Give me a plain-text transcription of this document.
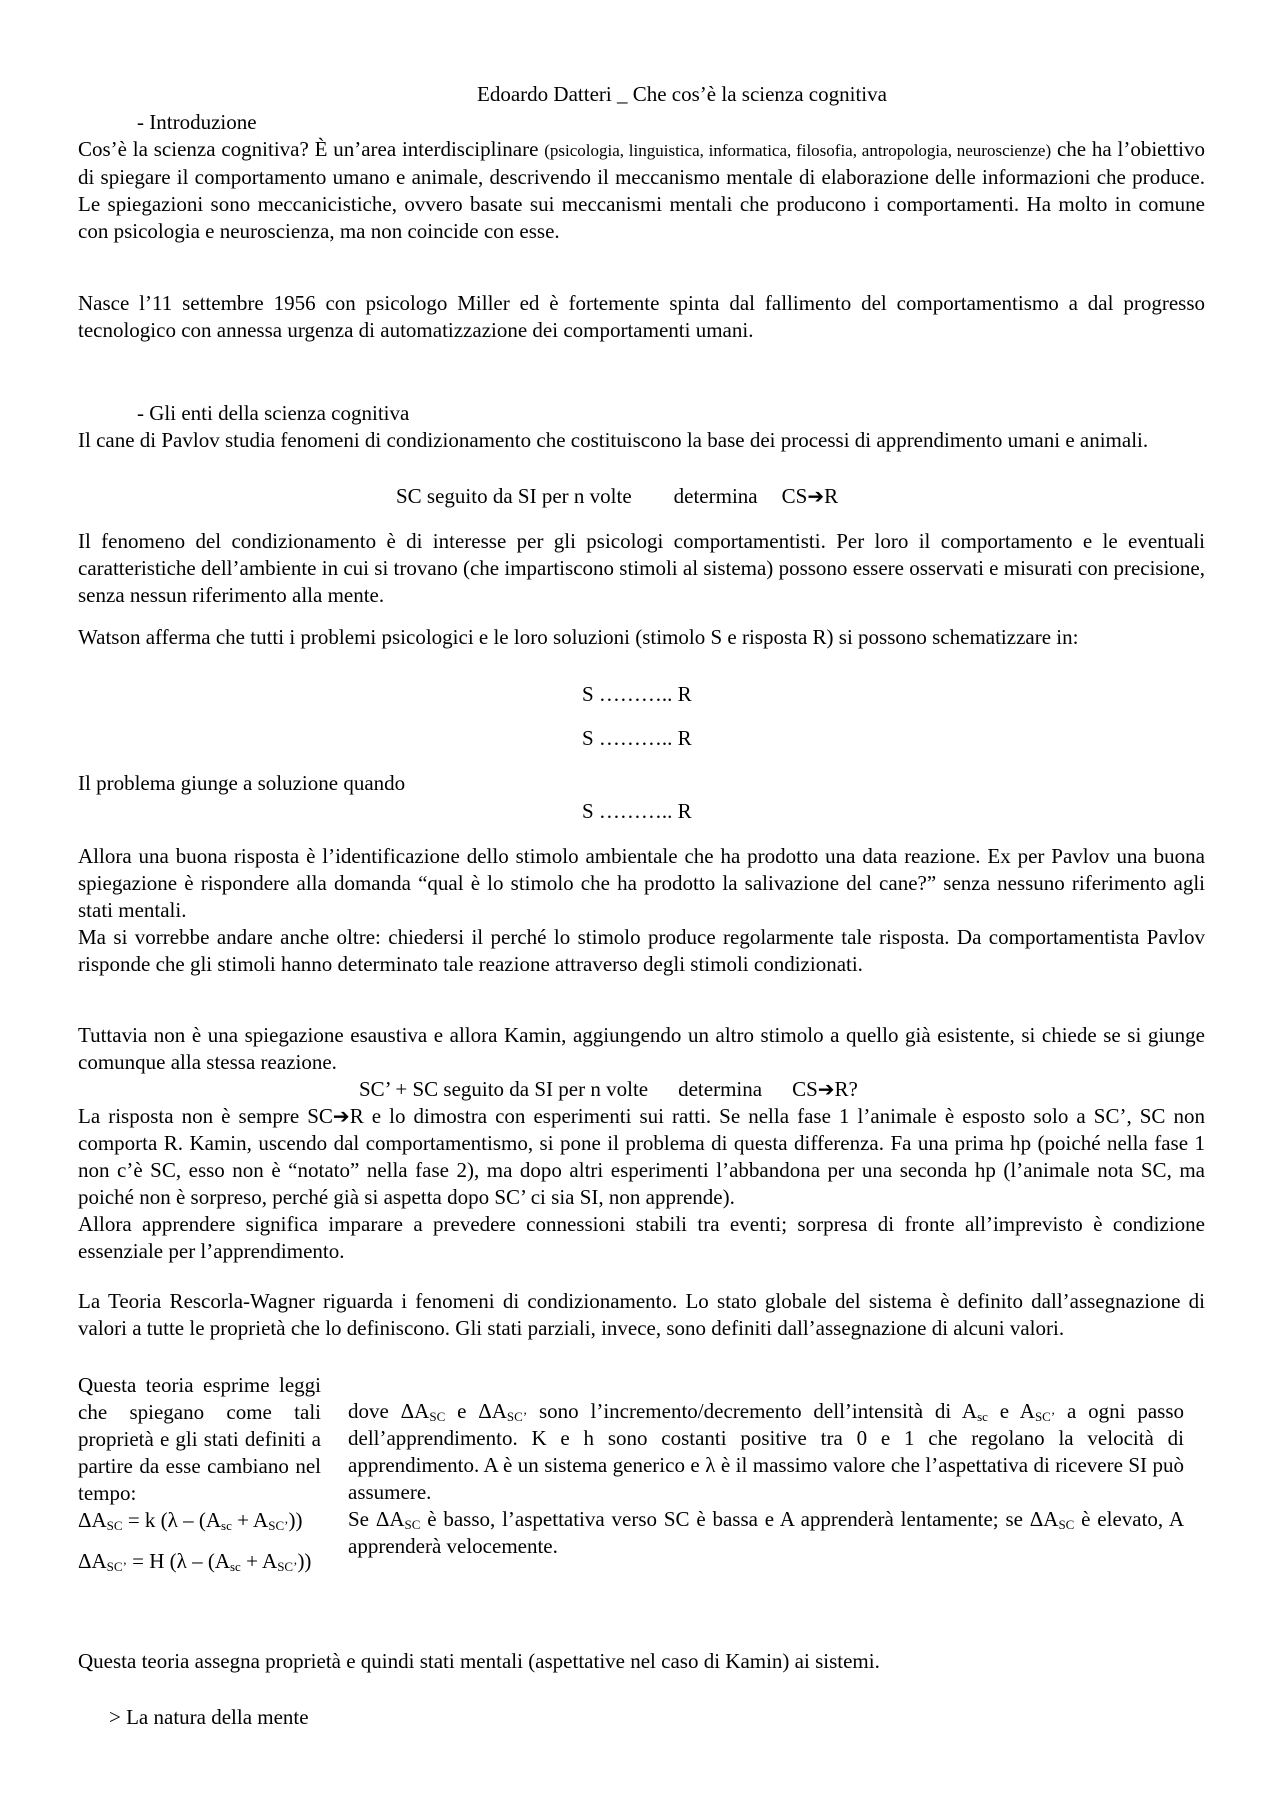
Edoardo Datteri _ Che cos’è la scienza cognitiva

- Introduzione

Cos’è la scienza cognitiva? È un’area interdisciplinare (psicologia, linguistica, informatica, filosofia, antropologia, neuroscienze) che ha l’obiettivo di spiegare il comportamento umano e animale, descrivendo il meccanismo mentale di elaborazione delle informazioni che produce. Le spiegazioni sono meccanicistiche, ovvero basate sui meccanismi mentali che producono i comportamenti. Ha molto in comune con psicologia e neuroscienza, ma non coincide con esse.

Nasce l’11 settembre 1956 con psicologo Miller ed è fortemente spinta dal fallimento del comportamentismo a dal progresso tecnologico con annessa urgenza di automatizzazione dei comportamenti umani.

- Gli enti della scienza cognitiva

Il cane di Pavlov studia fenomeni di condizionamento che costituiscono la base dei processi di apprendimento umani e animali.

SC seguito da SI per n volte determina CS➔R

Il fenomeno del condizionamento è di interesse per gli psicologi comportamentisti. Per loro il comportamento e le eventuali caratteristiche dell’ambiente in cui si trovano (che impartiscono stimoli al sistema) possono essere osservati e misurati con precisione, senza nessun riferimento alla mente.

Watson afferma che tutti i problemi psicologici e le loro soluzioni (stimolo S e risposta R) si possono schematizzare in:

S ……….. R

S ……….. R

Il problema giunge a soluzione quando

S ……….. R

Allora una buona risposta è l’identificazione dello stimolo ambientale che ha prodotto una data reazione. Ex per Pavlov una buona spiegazione è rispondere alla domanda “qual è lo stimolo che ha prodotto la salivazione del cane?” senza nessuno riferimento agli stati mentali.

Ma si vorrebbe andare anche oltre: chiedersi il perché lo stimolo produce regolarmente tale risposta. Da comportamentista Pavlov risponde che gli stimoli hanno determinato tale reazione attraverso degli stimoli condizionati.

Tuttavia non è una spiegazione esaustiva e allora Kamin, aggiungendo un altro stimolo a quello già esistente, si chiede se si giunge comunque alla stessa reazione.

SC’ + SC seguito da SI per n volte determina CS➔R?

La risposta non è sempre SC➔R e lo dimostra con esperimenti sui ratti. Se nella fase 1 l’animale è esposto solo a SC’, SC non comporta R. Kamin, uscendo dal comportamentismo, si pone il problema di questa differenza. Fa una prima hp (poiché nella fase 1 non c’è SC, esso non è “notato” nella fase 2), ma dopo altri esperimenti l’abbandona per una seconda hp (l’animale nota SC, ma poiché non è sorpreso, perché già si aspetta dopo SC’ ci sia SI, non apprende).

Allora apprendere significa imparare a prevedere connessioni stabili tra eventi; sorpresa di fronte all’imprevisto è condizione essenziale per l’apprendimento.

La Teoria Rescorla-Wagner riguarda i fenomeni di condizionamento. Lo stato globale del sistema è definito dall’assegnazione di valori a tutte le proprietà che lo definiscono. Gli stati parziali, invece, sono definiti dall’assegnazione di alcuni valori.

Questa teoria esprime leggi che spiegano come tali proprietà e gli stati definiti a partire da esse cambiano nel tempo:

$\Delta A_{SC} = k$ $(\lambda - (A_{sc} + A_{SC’}))$

$\Delta A_{SC’} = H$ $(\lambda - (A_{sc} + A_{SC’}))$

dove $\Delta A_{SC}$ e $\Delta A_{SC’}$ sono l’incremento/decremento dell’intensità di $A_{sc}$ e $A_{SC’}$ a ogni passo dell’apprendimento. K e h sono costanti positive tra 0 e 1 che regolano la velocità di apprendimento. A è un sistema generico e λ è il massimo valore che l’aspettativa di ricevere SI può assumere.

Se $\Delta A_{SC}$ è basso, l’aspettativa verso SC è bassa e A apprenderà lentamente; se $\Delta A_{SC}$ è elevato, A apprenderà velocemente.

Questa teoria assegna proprietà e quindi stati mentali (aspettative nel caso di Kamin) ai sistemi.

> La natura della mente
